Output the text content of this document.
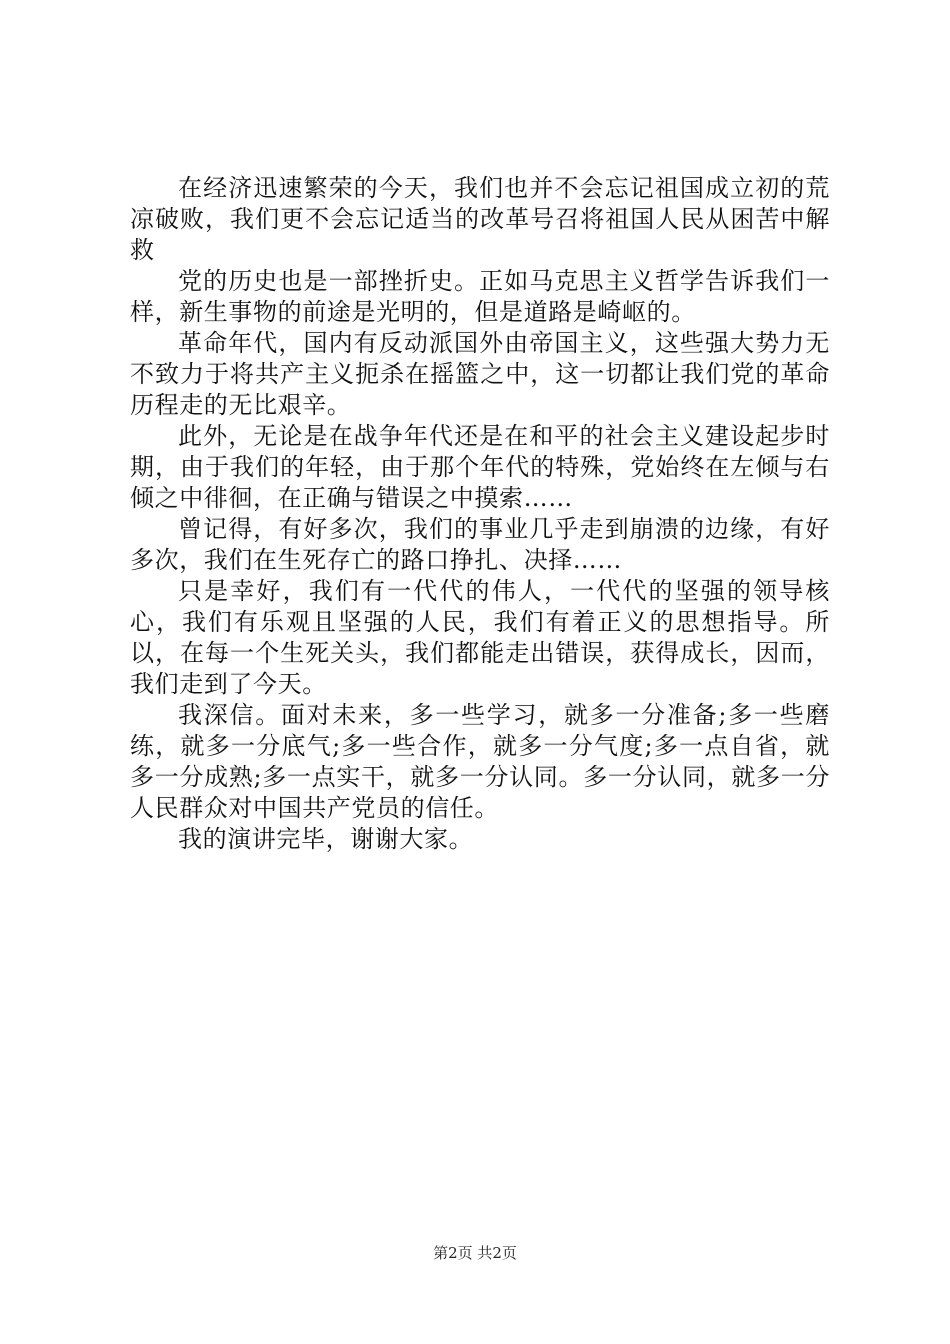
在经济迅速繁荣的今天，我们也并不会忘记祖国成立初的荒凉破败，我们更不会忘记适当的改革号召将祖国人民从困苦中解救

党的历史也是一部挫折史。正如马克思主义哲学告诉我们一样，新生事物的前途是光明的，但是道路是崎岖的。

革命年代，国内有反动派国外由帝国主义，这些强大势力无不致力于将共产主义扼杀在摇篮之中，这一切都让我们党的革命历程走的无比艰辛。

此外，无论是在战争年代还是在和平的社会主义建设起步时期，由于我们的年轻，由于那个年代的特殊，党始终在左倾与右倾之中徘徊，在正确与错误之中摸索……

曾记得，有好多次，我们的事业几乎走到崩溃的边缘，有好多次，我们在生死存亡的路口挣扎、决择……

只是幸好，我们有一代代的伟人，一代代的坚强的领导核心，我们有乐观且坚强的人民，我们有着正义的思想指导。所以，在每一个生死关头，我们都能走出错误，获得成长，因而，我们走到了今天。

我深信。面对未来，多一些学习，就多一分准备;多一些磨练，就多一分底气;多一些合作，就多一分气度;多一点自省，就多一分成熟;多一点实干，就多一分认同。多一分认同，就多一分人民群众对中国共产党员的信任。

我的演讲完毕，谢谢大家。

第2页 共2页
